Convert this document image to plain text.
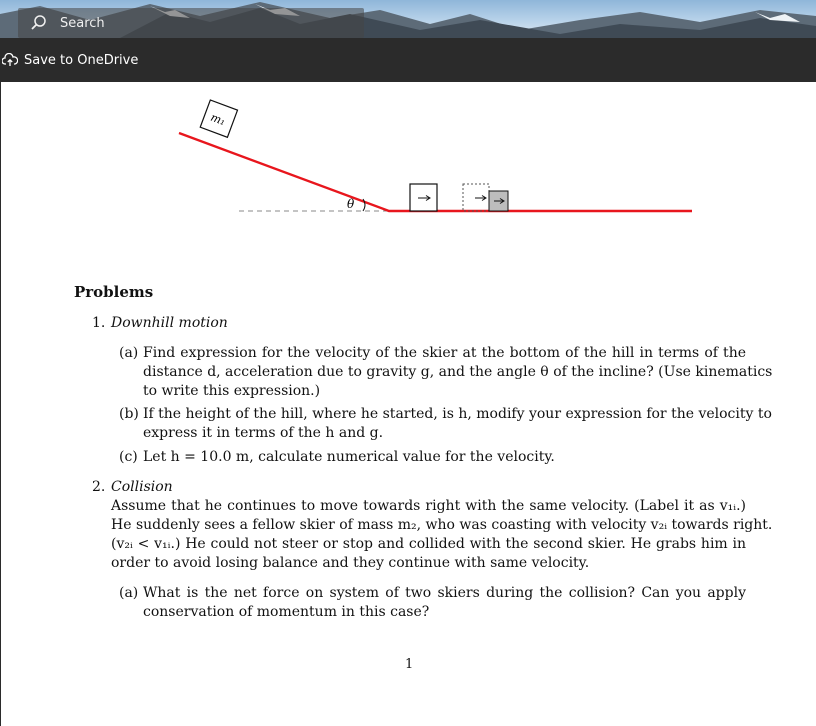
Search
Save to OneDrive
m₁
θ
Problems
1. Downhill motion
(a) Find expression for the velocity of the skier at the bottom of the hill in terms of the
distance d, acceleration due to gravity g, and the angle θ of the incline? (Use kinematics
to write this expression.)
(b) If the height of the hill, where he started, is h, modify your expression for the velocity to
express it in terms of the h and g.
(c) Let h = 10.0 m, calculate numerical value for the velocity.
2. Collision
Assume that he continues to move towards right with the same velocity. (Label it as v₁ᵢ.)
He suddenly sees a fellow skier of mass m₂, who was coasting with velocity v₂ᵢ towards right.
(v₂ᵢ < v₁ᵢ.) He could not steer or stop and collided with the second skier. He grabs him in
order to avoid losing balance and they continue with same velocity.
(a) What is the net force on system of two skiers during the collision? Can you apply
conservation of momentum in this case?
1
